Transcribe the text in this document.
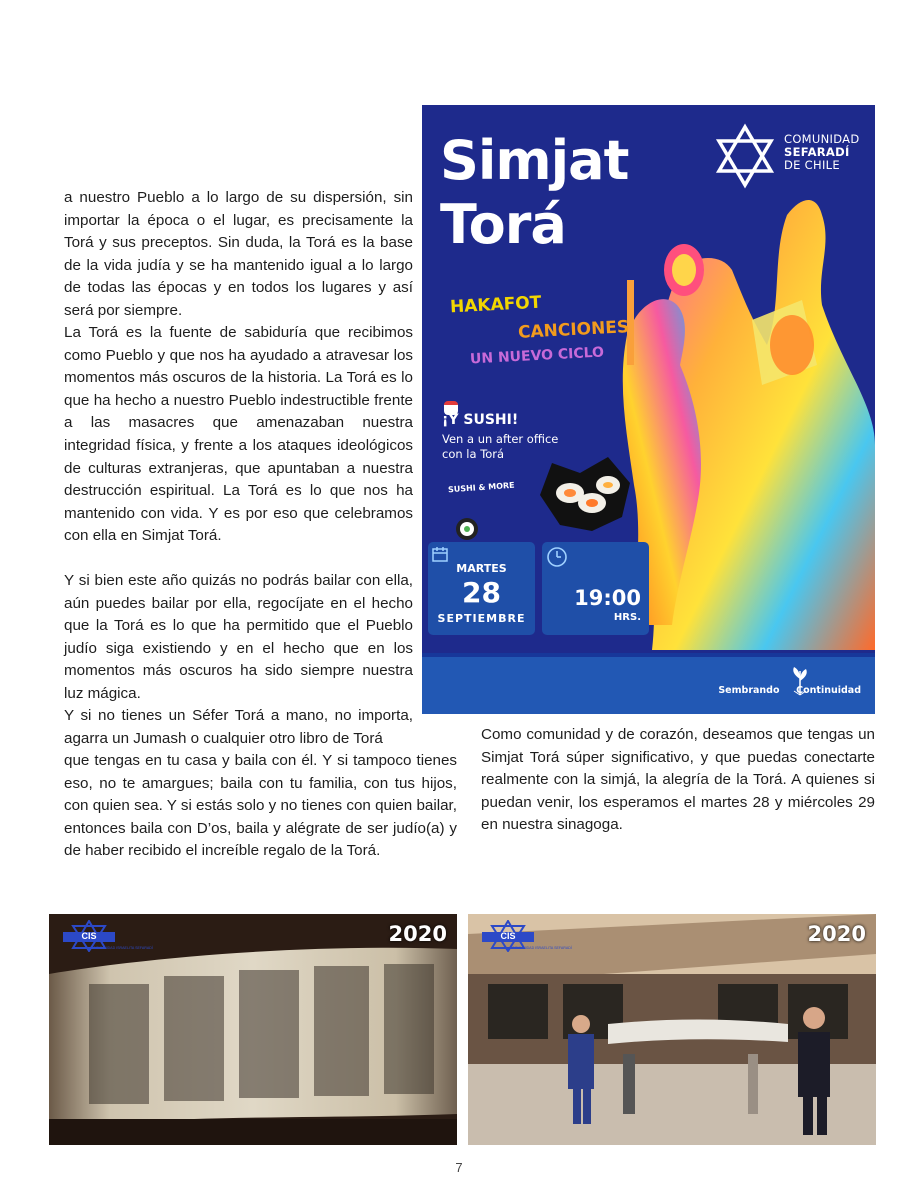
a nuestro Pueblo a lo largo de su dispersión, sin importar la época o el lugar, es precisamente la Torá y sus preceptos. Sin duda, la Torá es la base de la vida judía y se ha mantenido igual a lo largo de todas las épocas y en todos los lugares y así será por siempre.

La Torá es la fuente de sabiduría que recibimos como Pueblo y que nos ha ayudado a atravesar los momentos más oscuros de la historia. La Torá es lo que ha hecho a nuestro Pueblo indestructible frente a las masacres que amenazaban nuestra integridad física, y frente a los ataques ideológicos de culturas extranjeras, que apuntaban a nuestra destrucción espiritual. La Torá es lo que nos ha mantenido con vida. Y es por eso que celebramos con ella en Simjat Torá.

Y si bien este año quizás no podrás bailar con ella, aún puedes bailar por ella, regocíjate en el hecho que la Torá es lo que ha permitido que el Pueblo judío siga existiendo y en el hecho que en los momentos más oscuros ha sido siempre nuestra luz mágica.

Y si no tienes un Séfer Torá a mano, no importa, agarra un Jumash o cualquier otro libro de Torá

que tengas en tu casa y baila con él. Y si tampoco tienes eso, no te amargues; baila con tu familia, con tus hijos, con quien sea. Y si estás solo y no tienes con quien bailar, entonces baila con D’os, baila y alégrate de ser judío(a) y de haber recibido el increíble regalo de la Torá.

Como comunidad y de corazón, deseamos que tengas un Simjat Torá súper significativo, y que puedas conectarte realmente con la simjá, la alegría de la Torá. A quienes si puedan venir, los esperamos el martes 28 y miércoles 29 en nuestra sinagoga.

Simjat
Torá
COMUNIDAD
SEFARADÍ
DE CHILE
HAKAFOT
CANCIONES
UN NUEVO CICLO
¡Y SUSHI!
Ven a un after office
con la Torá
SUSHI & MORE
MARTES
28
SEPTIEMBRE
19:00
HRS.
Sembrando Continuidad
CIS
COMUNIDAD ISRAELITA SEFARADÍ
2020	CIS
COMUNIDAD ISRAELITA SEFARADÍ
2020
7
